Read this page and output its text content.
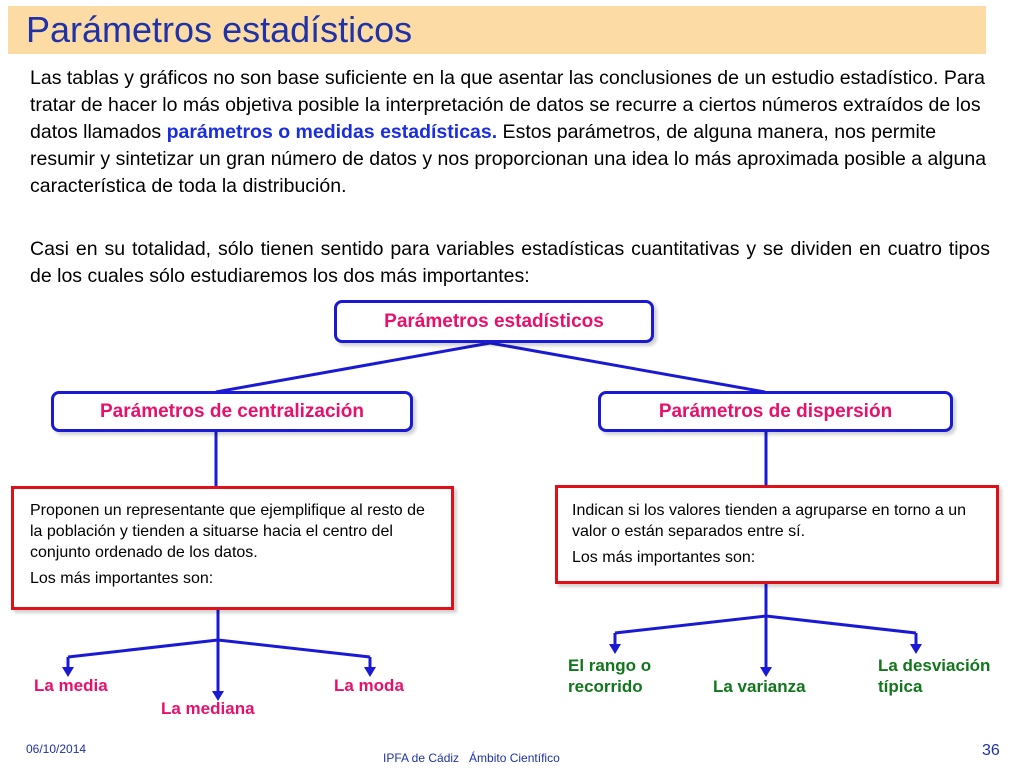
Parámetros estadísticos

Las tablas y gráficos no son base suficiente en la que asentar las conclusiones de un estudio estadístico. Para tratar de hacer lo más objetiva posible la interpretación de datos se recurre a ciertos números extraídos de los datos llamados parámetros o medidas estadísticas. Estos parámetros, de alguna manera, nos permite resumir y sintetizar un gran número de datos y nos proporcionan una idea lo más aproximada posible a alguna característica de toda la distribución.

Casi en su totalidad, sólo tienen sentido para variables estadísticas cuantitativas y se dividen en cuatro tipos de los cuales sólo estudiaremos los dos más importantes:

Parámetros estadísticos
Parámetros de centralización	Parámetros de dispersión

Proponen un representante que ejemplifique al resto de la población y tienden a situarse hacia el centro del conjunto ordenado de los datos.

Los más importantes son:

Indican si los valores tienden a agruparse en torno a un valor o están separados entre sí.

Los más importantes son:

La media
La mediana
La moda
El rango o recorrido	La varianza
La desviación típica
06/10/2014
IPFA de Cádiz   Ámbito Científico	36
